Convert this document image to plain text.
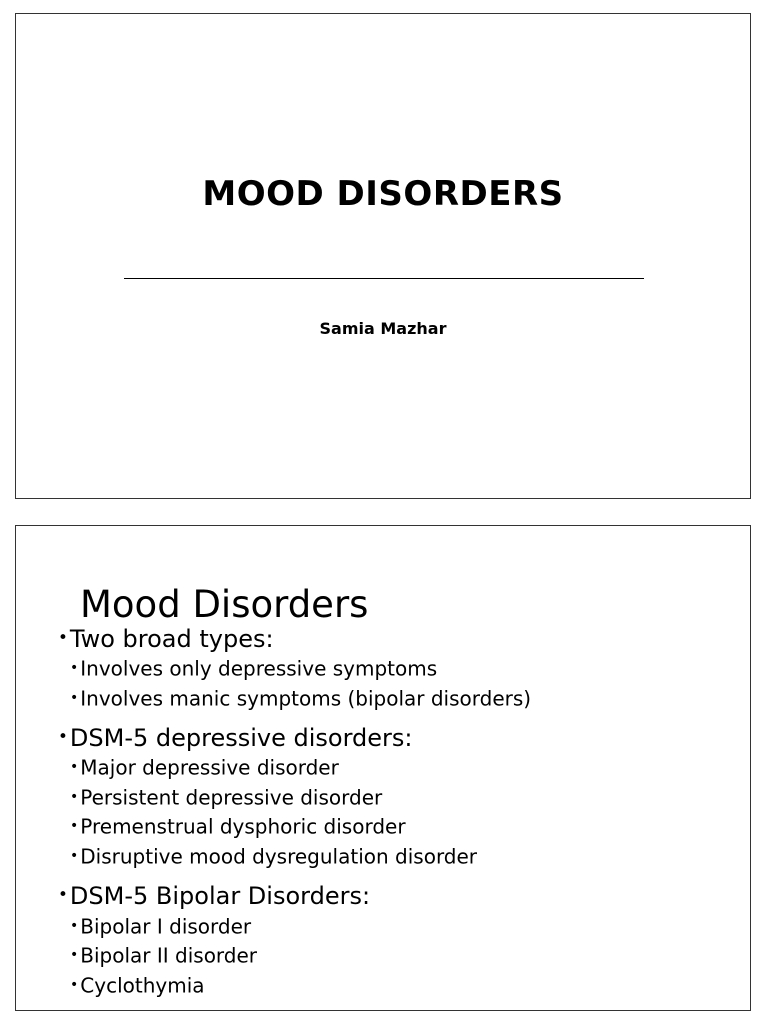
MOOD DISORDERS

Samia Mazhar

Mood Disorders
•Two broad types:
• Involves only depressive symptoms
• Involves manic symptoms (bipolar disorders)
•DSM-5 depressive disorders:
• Major depressive disorder
• Persistent depressive disorder
• Premenstrual dysphoric disorder
• Disruptive mood dysregulation disorder
•DSM-5 Bipolar Disorders:
• Bipolar I disorder
• Bipolar II disorder
• Cyclothymia
